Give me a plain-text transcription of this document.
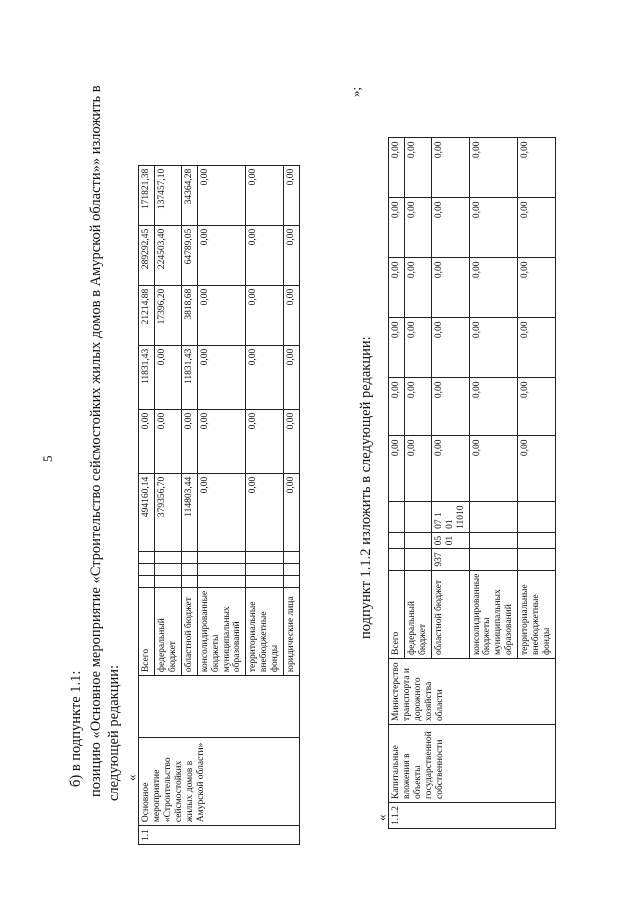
5
б) в подпункте 1.1: позицию «Основное мероприятие «Строительство сейсмостойких жилых домов в Амурской области»» изложить в следующей редакции: «
1.1	Основное мероприятие «Строительство сейсмостойких жилых домов в Амурской области»		Всего				494160,14	0,00	11831,43	21214,88	289292,45	171821,38
			федеральный бюджет				379356,70	0,00	0,00	17396,20	224503,40	137457,10
			областной бюджет				114803,44	0,00	11831,43	3818,68	64789,05	34364,28
			консолидированные бюджеты муниципальных образований				0,00	0,00	0,00	0,00	0,00	0,00
			территориальные внебюджетные фонды				0,00	0,00	0,00	0,00	0,00	0,00
			юридические лица				0,00	0,00	0,00	0,00	0,00	0,00
»;
подпункт 1.1.2 изложить в следующей редакции:
« 1.1.2	Капитальные вложения в объекты государственной собственности	Министерство транспорта и дорожного хозяйства области	Всего				0,00	0,00	0,00	0,00	0,00	0,00
			федеральный бюджет				0,00	0,00	0,00	0,00	0,00	0,00
			областной бюджет	937	05 01	07 1 01 11010	0,00	0,00	0,00	0,00	0,00	0,00
			консолидированные бюджеты муниципальных образований				0,00	0,00	0,00	0,00	0,00	0,00
			территориальные внебюджетные фонды				0,00	0,00	0,00	0,00	0,00	0,00
